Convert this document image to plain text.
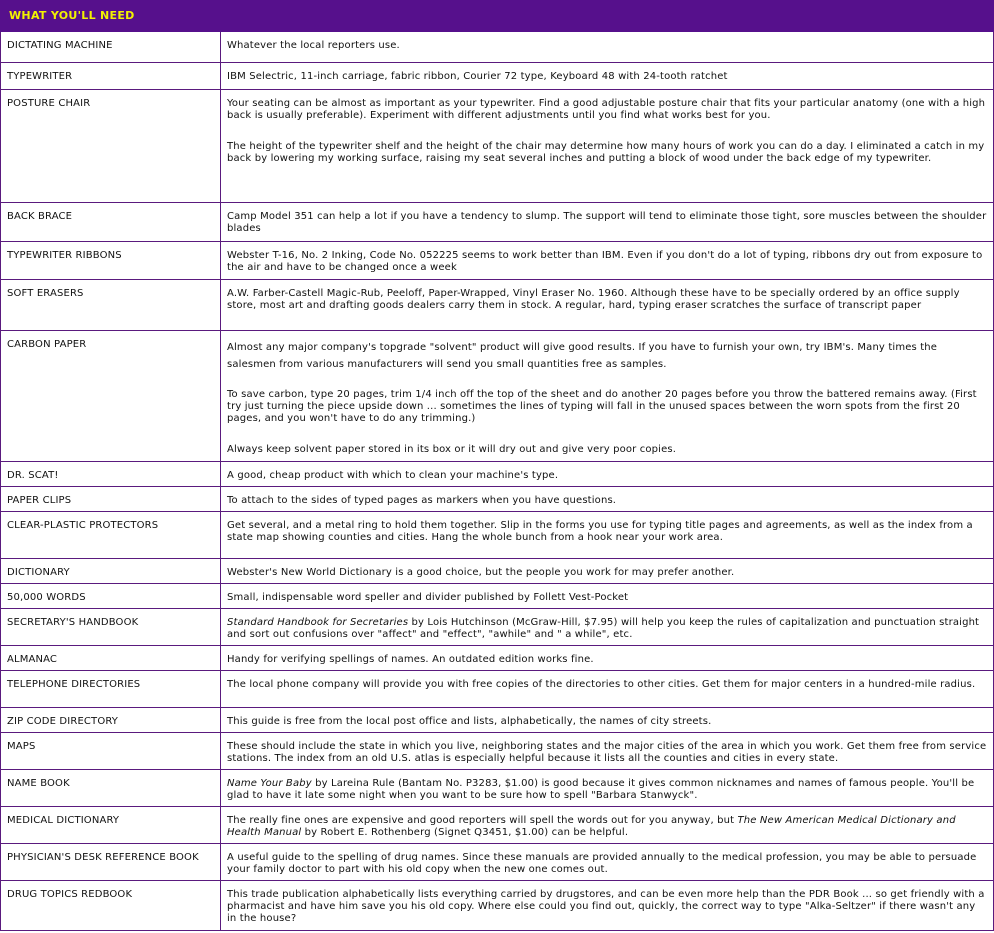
WHAT YOU'LL NEED	
DICTATING MACHINE	Whatever the local reporters use.

TYPEWRITER	IBM Selectric, 11-inch carriage, fabric ribbon, Courier 72 type, Keyboard 48 with 24-tooth ratchet

POSTURE CHAIR	Your seating can be almost as important as your typewriter. Find a good adjustable posture chair that fits your particular anatomy (one with a high back is usually preferable). Experiment with different adjustments until you find what works best for you.

The height of the typewriter shelf and the height of the chair may determine how many hours of work you can do a day. I eliminated a catch in my back by lowering my working surface, raising my seat several inches and putting a block of wood under the back edge of my typewriter.

BACK BRACE	Camp Model 351 can help a lot if you have a tendency to slump. The support will tend to eliminate those tight, sore muscles between the shoulder blades

TYPEWRITER RIBBONS	Webster T-16, No. 2 Inking, Code No. 052225 seems to work better than IBM. Even if you don't do a lot of typing, ribbons dry out from exposure to the air and have to be changed once a week

SOFT ERASERS	A.W. Farber-Castell Magic-Rub, Peeloff, Paper-Wrapped, Vinyl Eraser No. 1960. Although these have to be specially ordered by an office supply store, most art and drafting goods dealers carry them in stock. A regular, hard, typing eraser scratches the surface of transcript paper

CARBON PAPER	Almost any major company's topgrade "solvent" product will give good results. If you have to furnish your own, try IBM's. Many times the salesmen from various manufacturers will send you small quantities free as samples.

To save carbon, type 20 pages, trim 1/4 inch off the top of the sheet and do another 20 pages before you throw the battered remains away. (First try just turning the piece upside down ... sometimes the lines of typing will fall in the unused spaces between the worn spots from the first 20 pages, and you won't have to do any trimming.)

Always keep solvent paper stored in its box or it will dry out and give very poor copies.

DR. SCAT!	A good, cheap product with which to clean your machine's type.

PAPER CLIPS	To attach to the sides of typed pages as markers when you have questions.

CLEAR-PLASTIC PROTECTORS	Get several, and a metal ring to hold them together. Slip in the forms you use for typing title pages and agreements, as well as the index from a state map showing counties and cities. Hang the whole bunch from a hook near your work area.

DICTIONARY	Webster's New World Dictionary is a good choice, but the people you work for may prefer another.

50,000 WORDS	Small, indispensable word speller and divider published by Follett Vest-Pocket

SECRETARY'S HANDBOOK	Standard Handbook for Secretaries by Lois Hutchinson (McGraw-Hill, $7.95) will help you keep the rules of capitalization and punctuation straight and sort out confusions over "affect" and "effect", "awhile" and " a while", etc.

ALMANAC	Handy for verifying spellings of names. An outdated edition works fine.

TELEPHONE DIRECTORIES	The local phone company will provide you with free copies of the directories to other cities. Get them for major centers in a hundred-mile radius.

ZIP CODE DIRECTORY	This guide is free from the local post office and lists, alphabetically, the names of city streets.

MAPS	These should include the state in which you live, neighboring states and the major cities of the area in which you work. Get them free from service stations. The index from an old U.S. atlas is especially helpful because it lists all the counties and cities in every state.

NAME BOOK	Name Your Baby by Lareina Rule (Bantam No. P3283, $1.00) is good because it gives common nicknames and names of famous people. You'll be glad to have it late some night when you want to be sure how to spell "Barbara Stanwyck".

MEDICAL DICTIONARY	The really fine ones are expensive and good reporters will spell the words out for you anyway, but The New American Medical Dictionary and Health Manual by Robert E. Rothenberg (Signet Q3451, $1.00) can be helpful.

PHYSICIAN'S DESK REFERENCE BOOK	A useful guide to the spelling of drug names. Since these manuals are provided annually to the medical profession, you may be able to persuade your family doctor to part with his old copy when the new one comes out.

DRUG TOPICS REDBOOK	This trade publication alphabetically lists everything carried by drugstores, and can be even more help than the PDR Book ... so get friendly with a pharmacist and have him save you his old copy. Where else could you find out, quickly, the correct way to type "Alka-Seltzer" if there wasn't any in the house?
